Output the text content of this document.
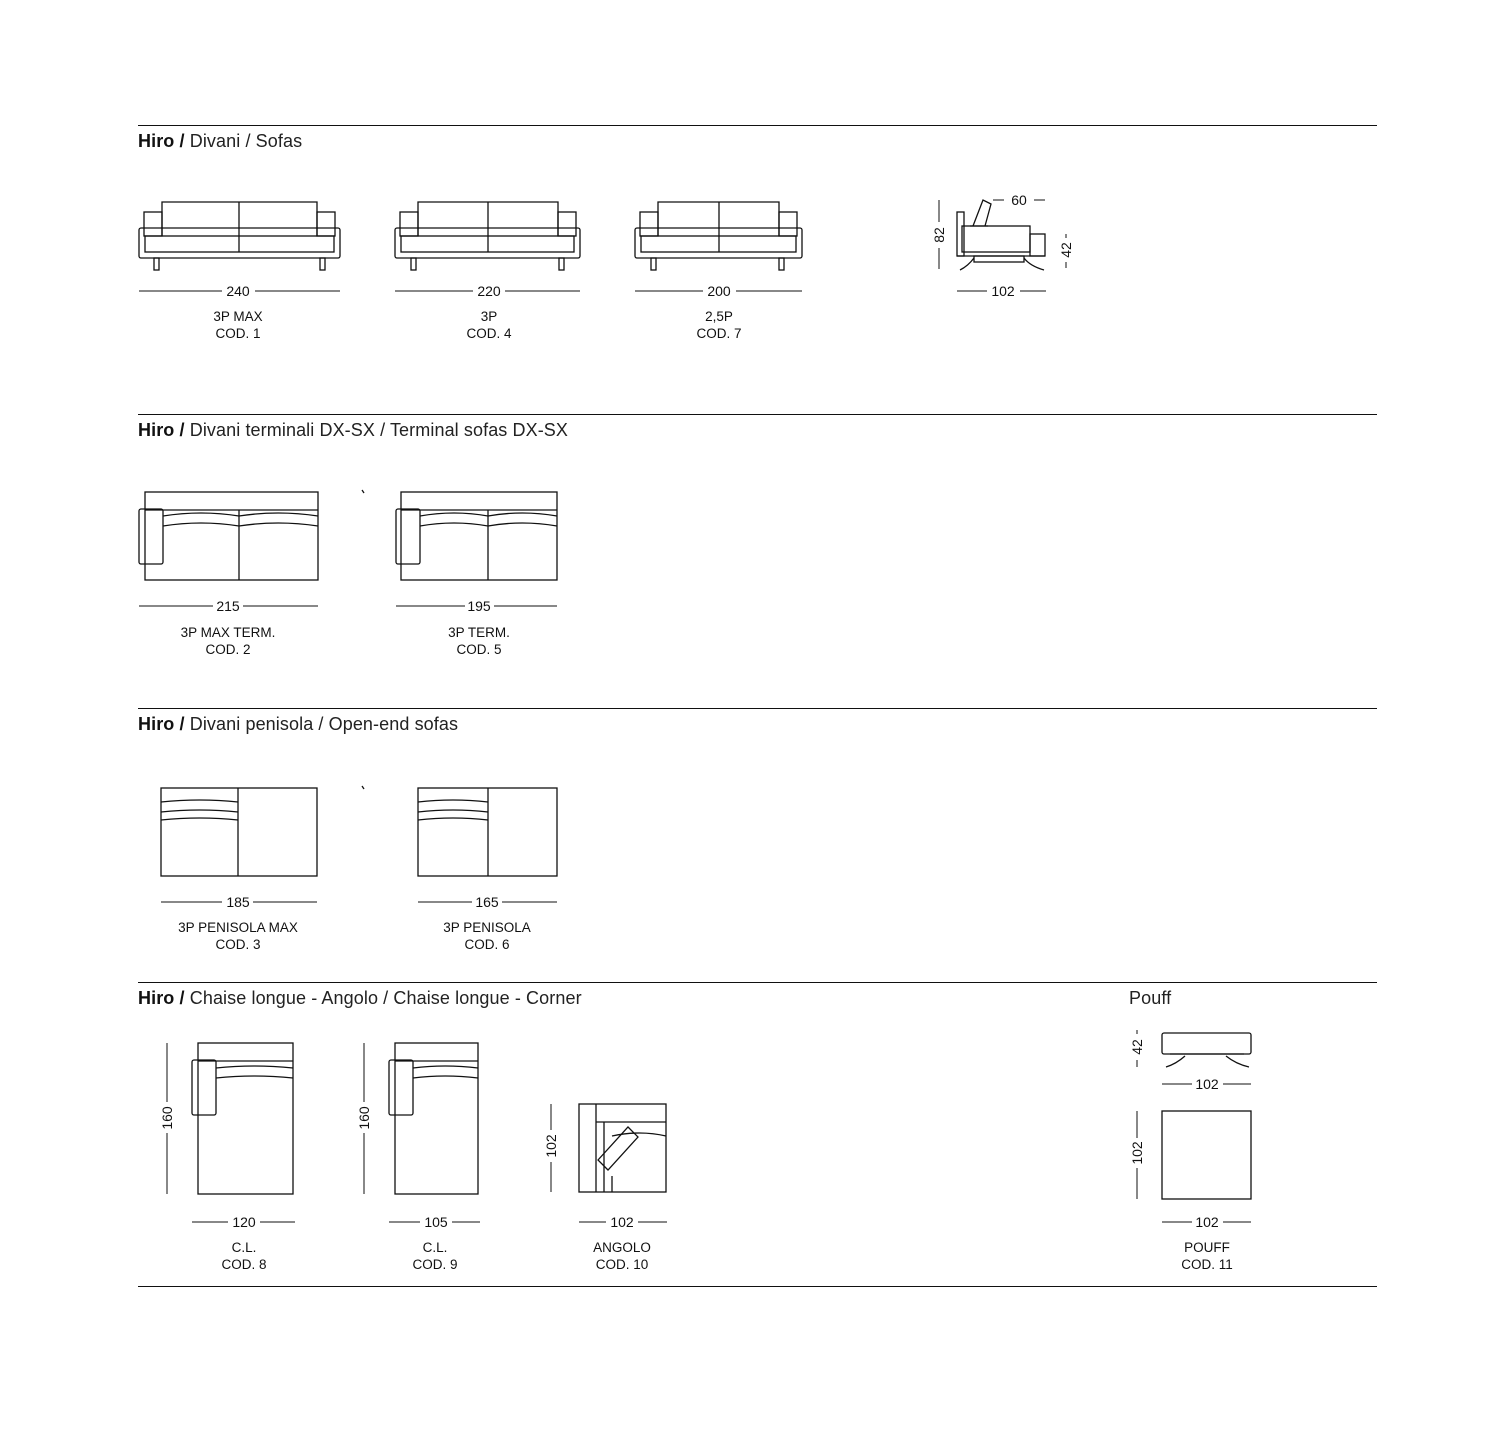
Hiro / Divani / Sofas
Hiro / Divani terminali DX-SX / Terminal sofas DX-SX
Hiro / Divani penisola / Open-end sofas
Hiro / Chaise longue - Angolo / Chaise longue - Corner	Pouff
3P MAX
COD. 1
3P
COD. 4
2,5P
COD. 7
3P MAX TERM.
COD. 2
3P TERM.
COD. 5
3P PENISOLA MAX
COD. 3
3P PENISOLA
COD. 6
C.L.
COD. 8
C.L.
COD. 9
ANGOLO
COD. 10
POUFF
COD. 11
240	220	200	102
60
82
42
215	195
185	165
120	105	102	102
102
160	160
102	102
42
